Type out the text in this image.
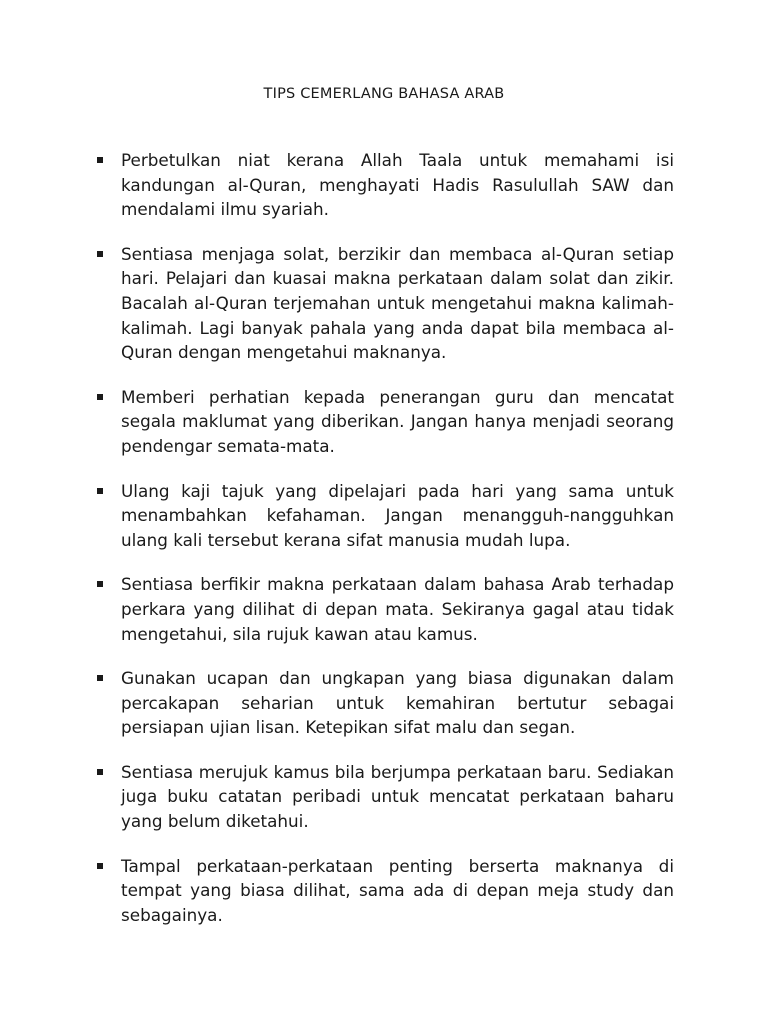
TIPS CEMERLANG BAHASA ARAB
Perbetulkan niat kerana Allah Taala untuk memahami isi kandungan al-Quran, menghayati Hadis Rasulullah SAW dan mendalami ilmu syariah.
Sentiasa menjaga solat, berzikir dan membaca al-Quran setiap hari. Pelajari dan kuasai makna perkataan dalam solat dan zikir. Bacalah al-Quran terjemahan untuk mengetahui makna kalimah-kalimah. Lagi banyak pahala yang anda dapat bila membaca al-Quran dengan mengetahui maknanya.
Memberi perhatian kepada penerangan guru dan mencatat segala maklumat yang diberikan. Jangan hanya menjadi seorang pendengar semata-mata.
Ulang kaji tajuk yang dipelajari pada hari yang sama untuk menambahkan kefahaman. Jangan menangguh-nangguhkan ulang kali tersebut kerana sifat manusia mudah lupa.
Sentiasa berfikir makna perkataan dalam bahasa Arab terhadap perkara yang dilihat di depan mata. Sekiranya gagal atau tidak mengetahui, sila rujuk kawan atau kamus.
Gunakan ucapan dan ungkapan yang biasa digunakan dalam percakapan seharian untuk kemahiran bertutur sebagai persiapan ujian lisan. Ketepikan sifat malu dan segan.
Sentiasa merujuk kamus bila berjumpa perkataan baru. Sediakan juga buku catatan peribadi untuk mencatat perkataan baharu yang belum diketahui.
Tampal perkataan-perkataan penting berserta maknanya di tempat yang biasa dilihat, sama ada di depan meja study dan sebagainya.
